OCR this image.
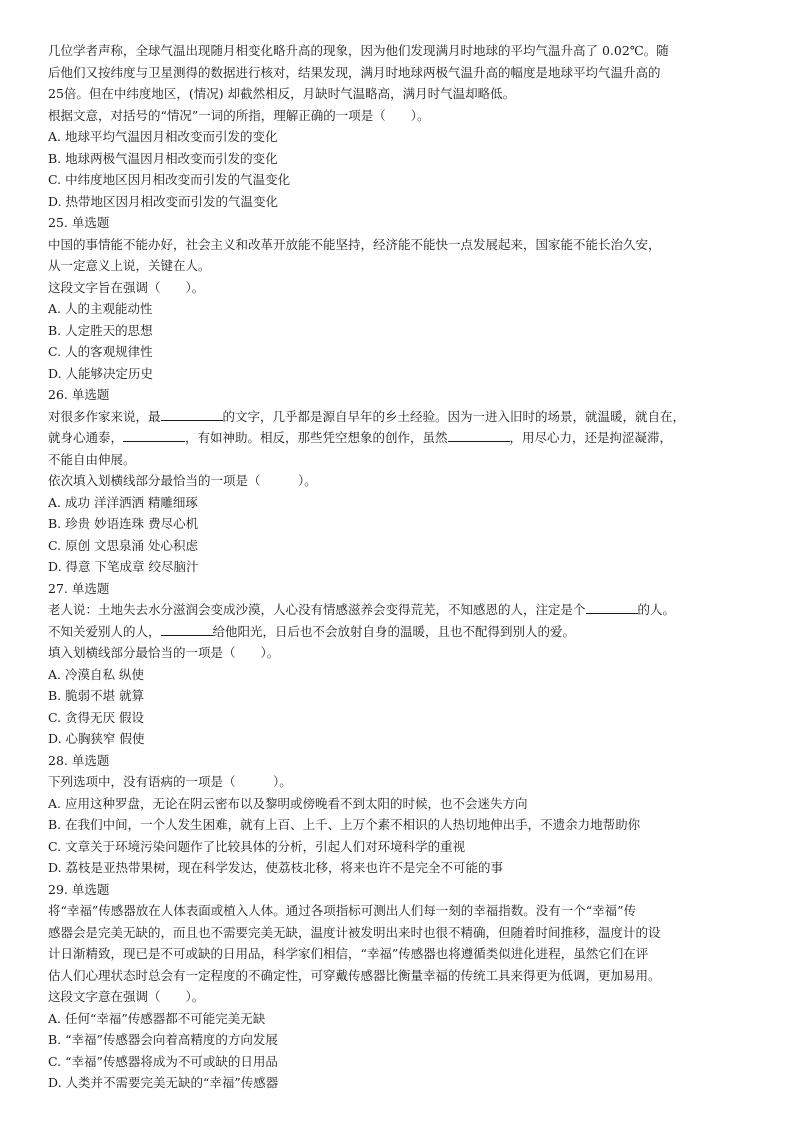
几位学者声称，全球气温出现随月相变化略升高的现象，因为他们发现满月时地球的平均气温升高了 0.02℃。随
后他们又按纬度与卫星测得的数据进行核对，结果发现，满月时地球两极气温升高的幅度是地球平均气温升高的
25倍。但在中纬度地区，(情况) 却截然相反，月缺时气温略高，满月时气温却略低。
根据文意，对括号的“情况”一词的所指，理解正确的一项是（　　）。
A. 地球平均气温因月相改变而引发的变化
B. 地球两极气温因月相改变而引发的变化
C. 中纬度地区因月相改变而引发的气温变化
D. 热带地区因月相改变而引发的气温变化
25. 单选题
中国的事情能不能办好，社会主义和改革开放能不能坚持，经济能不能快一点发展起来，国家能不能长治久安，
从一定意义上说，关键在人。
这段文字旨在强调（　　）。
A. 人的主观能动性
B. 人定胜天的思想
C. 人的客观规律性
D. 人能够决定历史
26. 单选题
对很多作家来说，最	的文字，几乎都是源自早年的乡土经验。因为一进入旧时的场景，就温暖，就自在，
就身心通泰，	，有如神助。相反，那些凭空想象的创作，虽然	，用尽心力，还是拘涩凝滞，
不能自由伸展。
依次填入划横线部分最恰当的一项是（　　　）。
A. 成功 洋洋洒洒 精雕细琢
B. 珍贵 妙语连珠 费尽心机
C. 原创 文思泉涌 处心积虑
D. 得意 下笔成章 绞尽脑汁
27. 单选题
老人说：土地失去水分滋润会变成沙漠，人心没有情感滋养会变得荒芜，不知感恩的人，注定是个	的人。
不知关爱别人的人，	给他阳光，日后也不会放射自身的温暖，且也不配得到别人的爱。
填入划横线部分最恰当的一项是（　　）。
A. 冷漠自私 纵使
B. 脆弱不堪 就算
C. 贪得无厌 假设
D. 心胸狭窄 假使
28. 单选题
下列选项中，没有语病的一项是（　　　）。
A. 应用这种罗盘，无论在阴云密布以及黎明或傍晚看不到太阳的时候，也不会迷失方向
B. 在我们中间，一个人发生困难，就有上百、上千、上万个素不相识的人热切地伸出手，不遗余力地帮助你
C. 文章关于环境污染问题作了比较具体的分析，引起人们对环境科学的重视
D. 荔枝是亚热带果树，现在科学发达，使荔枝北移，将来也许不是完全不可能的事
29. 单选题
将“幸福”传感器放在人体表面或植入人体。通过各项指标可测出人们每一刻的幸福指数。没有一个“幸福”传
感器会是完美无缺的，而且也不需要完美无缺，温度计被发明出来时也很不精确，但随着时间推移，温度计的设
计日渐精致，现已是不可或缺的日用品，科学家们相信，“幸福”传感器也将遵循类似进化进程，虽然它们在评
估人们心理状态时总会有一定程度的不确定性，可穿戴传感器比衡量幸福的传统工具来得更为低调，更加易用。
这段文字意在强调（　　）。
A. 任何“幸福”传感器都不可能完美无缺
B. “幸福”传感器会向着高精度的方向发展
C. “幸福”传感器将成为不可或缺的日用品
D. 人类并不需要完美无缺的“幸福”传感器
